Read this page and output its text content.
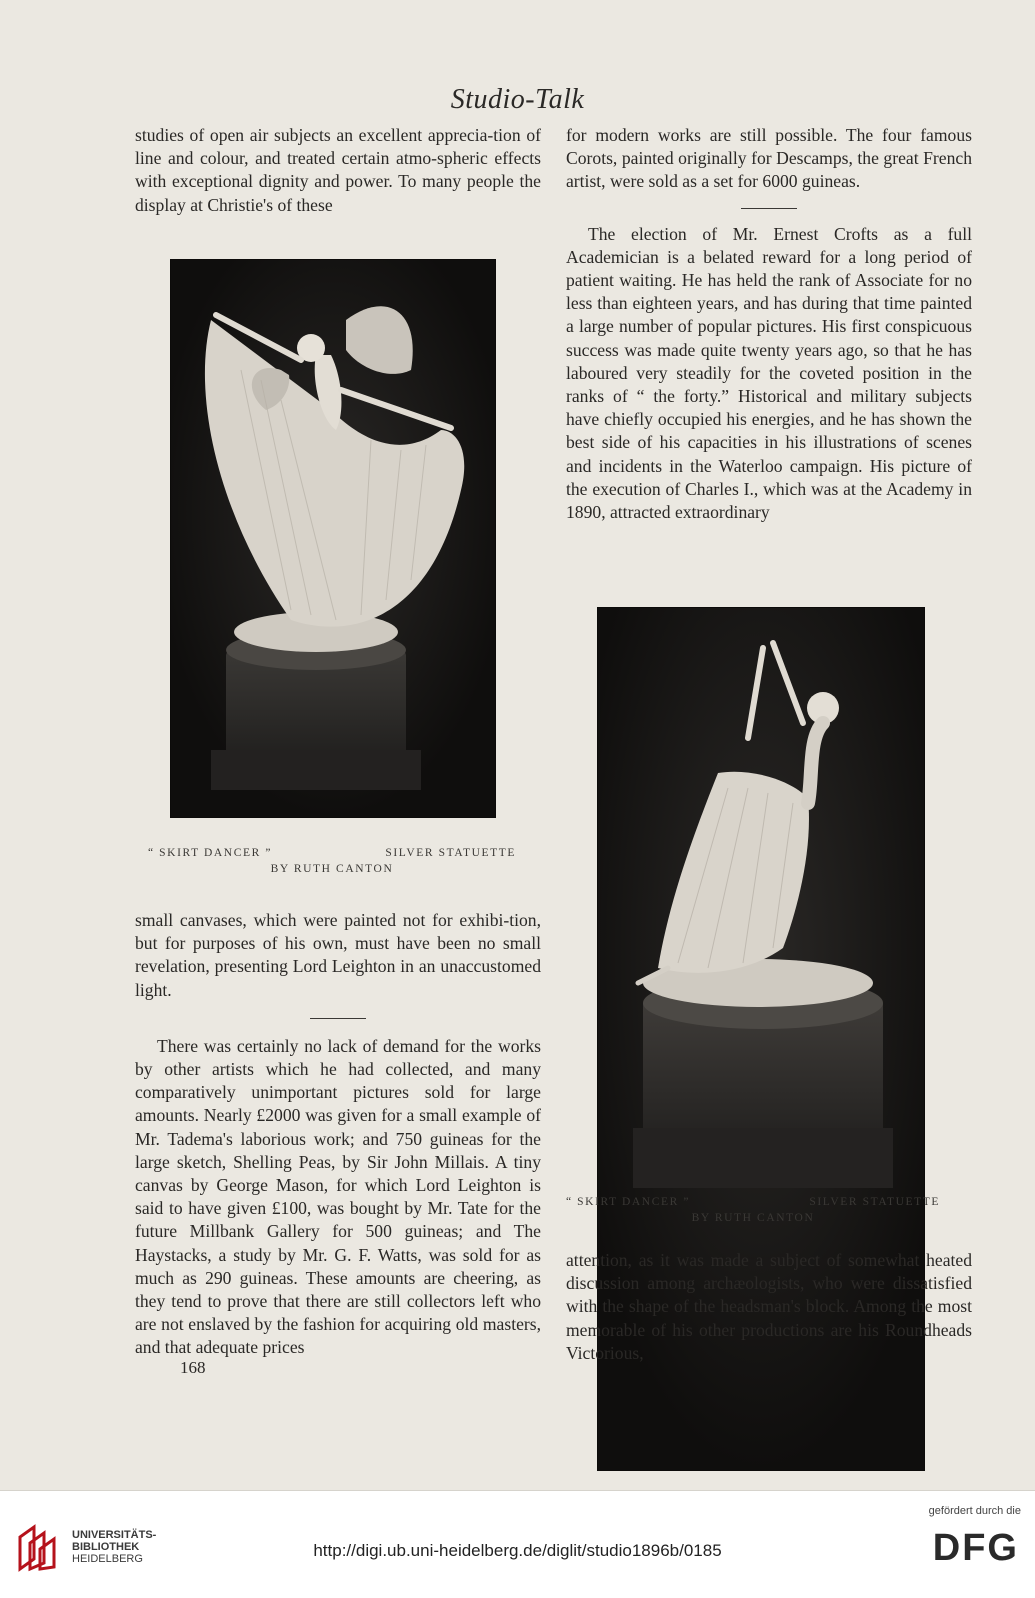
Studio-Talk

studies of open air subjects an excellent apprecia-tion of line and colour, and treated certain atmo-spheric effects with exceptional dignity and power. To many people the display at Christie's of these

“ SKIRT DANCER ”	SILVER STATUETTE
BY RUTH CANTON

small canvases, which were painted not for exhibi-tion, but for purposes of his own, must have been no small revelation, presenting Lord Leighton in an unaccustomed light.

There was certainly no lack of demand for the works by other artists which he had collected, and many comparatively unimportant pictures sold for large amounts. Nearly £2000 was given for a small example of Mr. Tadema's laborious work; and 750 guineas for the large sketch, Shelling Peas, by Sir John Millais. A tiny canvas by George Mason, for which Lord Leighton is said to have given £100, was bought by Mr. Tate for the future Millbank Gallery for 500 guineas; and The Haystacks, a study by Mr. G. F. Watts, was sold for as much as 290 guineas. These amounts are cheering, as they tend to prove that there are still collectors left who are not enslaved by the fashion for acquiring old masters, and that adequate prices

168

for modern works are still possible. The four famous Corots, painted originally for Descamps, the great French artist, were sold as a set for 6000 guineas.

The election of Mr. Ernest Crofts as a full Academician is a belated reward for a long period of patient waiting. He has held the rank of Associate for no less than eighteen years, and has during that time painted a large number of popular pictures. His first conspicuous success was made quite twenty years ago, so that he has laboured very steadily for the coveted position in the ranks of “ the forty.” Historical and military subjects have chiefly occupied his energies, and he has shown the best side of his capacities in his illustrations of scenes and incidents in the Waterloo campaign. His picture of the execution of Charles I., which was at the Academy in 1890, attracted extraordinary

“ SKIRT DANCER ”	SILVER STATUETTE
BY RUTH CANTON

attention, as it was made a subject of somewhat heated discussion among archæologists, who were dissatisfied with the shape of the headsman's block. Among the most memorable of his other productions are his Roundheads Victorious,

UNIVERSITÄTS-
BIBLIOTHEK
HEIDELBERG	http://digi.ub.uni-heidelberg.de/diglit/studio1896b/0185
gefördert durch die
DFG
